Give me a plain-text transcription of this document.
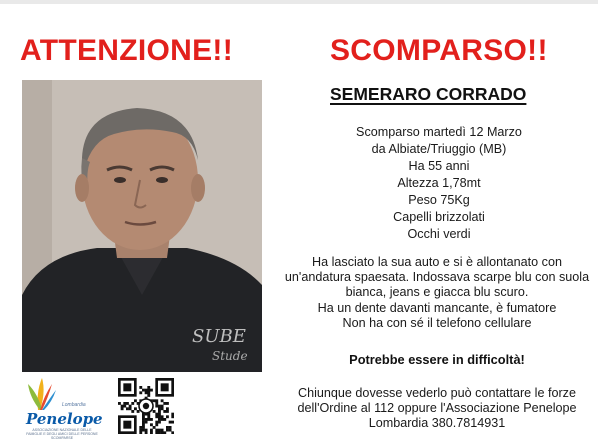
ATTENZIONE!!	SCOMPARSO!!
SUBE
Stude
SEMERARO CORRADO
Scomparso martedì 12 Marzo
da Albiate/Triuggio (MB)
Ha 55 anni
Altezza 1,78mt
Peso 75Kg
Capelli brizzolati
Occhi verdi

Ha lasciato la sua auto e si è allontanato con un'andatura spaesata. Indossava scarpe blu con suola bianca, jeans e giacca blu scuro.

Ha un dente davanti mancante, è fumatore

Non ha con sé il telefono cellulare

Potrebbe essere in difficoltà!
Chiunque dovesse vederlo può contattare le forze dell'Ordine al 112 oppure l'Associazione Penelope Lombardia 380.7814931
Penelope
Lombardia
ASSOCIAZIONE NAZIONALE DELLE FAMIGLIE E DEGLI AMICI DELLE PERSONE SCOMPARSE
